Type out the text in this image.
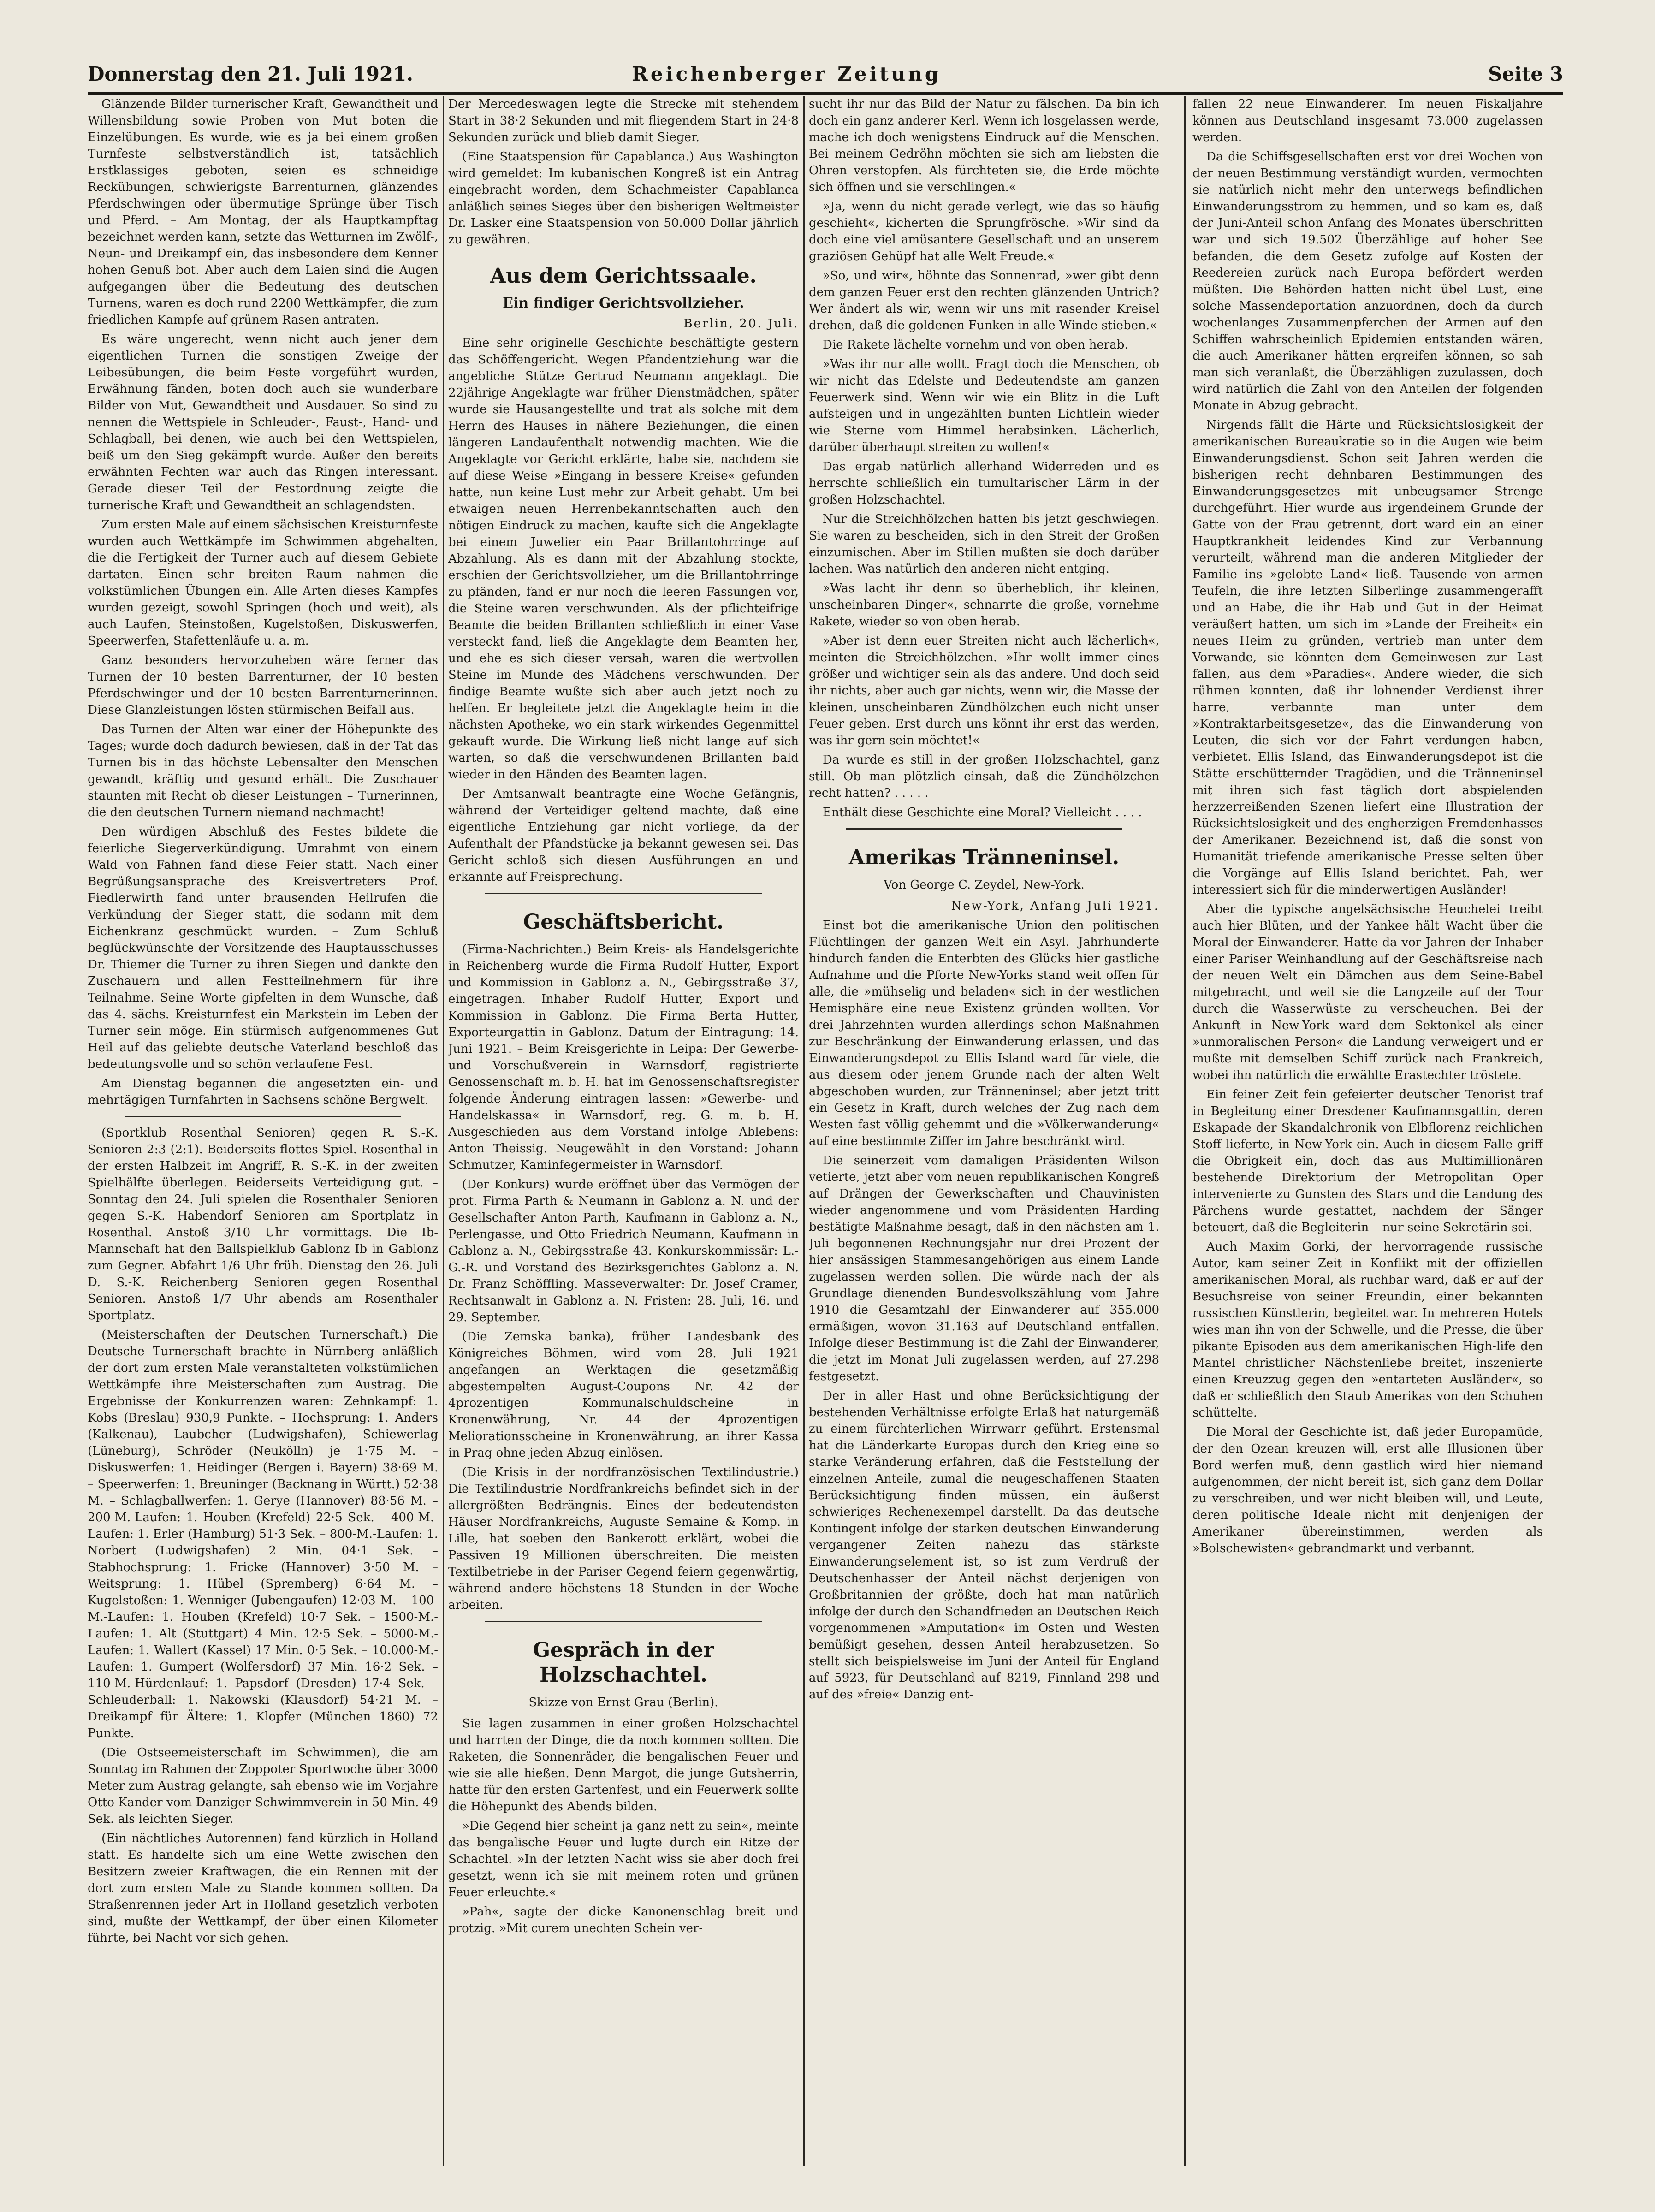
Donnerstag den 21. Juli 1921.	Reichenberger Zeitung	Seite 3

Glänzende Bilder turnerischer Kraft, Gewandtheit und Willensbildung sowie Proben von Mut boten die Einzelübungen. Es wurde, wie es ja bei einem großen Turnfeste selbstverständlich ist, tatsächlich Erstklassiges geboten, seien es schneidige Reckübungen, schwierigste Barrenturnen, glänzendes Pferdschwingen oder übermutige Sprünge über Tisch und Pferd. – Am Montag, der als Hauptkampftag bezeichnet werden kann, setzte das Wetturnen im Zwölf-, Neun- und Dreikampf ein, das insbesondere dem Kenner hohen Genuß bot. Aber auch dem Laien sind die Augen aufgegangen über die Bedeutung des deutschen Turnens, waren es doch rund 2200 Wettkämpfer, die zum friedlichen Kampfe auf grünem Rasen antraten.

Es wäre ungerecht, wenn nicht auch jener dem eigentlichen Turnen die sonstigen Zweige der Leibesübungen, die beim Feste vorgeführt wurden, Erwähnung fänden, boten doch auch sie wunderbare Bilder von Mut, Gewandtheit und Ausdauer. So sind zu nennen die Wettspiele in Schleuder-, Faust-, Hand- und Schlagball, bei denen, wie auch bei den Wettspielen, beiß um den Sieg gekämpft wurde. Außer den bereits erwähnten Fechten war auch das Ringen interessant. Gerade dieser Teil der Festordnung zeigte die turnerische Kraft und Gewandtheit an schlagendsten.

Zum ersten Male auf einem sächsischen Kreisturnfeste wurden auch Wettkämpfe im Schwimmen abgehalten, die die Fertigkeit der Turner auch auf diesem Gebiete dartaten. Einen sehr breiten Raum nahmen die volkstümlichen Übungen ein. Alle Arten dieses Kampfes wurden gezeigt, sowohl Springen (hoch und weit), als auch Laufen, Steinstoßen, Kugelstoßen, Diskuswerfen, Speerwerfen, Stafettenläufe u. a. m.

Ganz besonders hervorzuheben wäre ferner das Turnen der 10 besten Barrenturner, der 10 besten Pferdschwinger und der 10 besten Barrenturnerinnen. Diese Glanzleistungen lösten stürmischen Beifall aus.

Das Turnen der Alten war einer der Höhepunkte des Tages; wurde doch dadurch bewiesen, daß in der Tat das Turnen bis in das höchste Lebensalter den Menschen gewandt, kräftig und gesund erhält. Die Zuschauer staunten mit Recht ob dieser Leistungen – Turnerinnen, die den deutschen Turnern niemand nachmacht!

Den würdigen Abschluß des Festes bildete die feierliche Siegerverkündigung. Umrahmt von einem Wald von Fahnen fand diese Feier statt. Nach einer Begrüßungsansprache des Kreisvertreters Prof. Fiedlerwirth fand unter brausenden Heilrufen die Verkündung der Sieger statt, die sodann mit dem Eichenkranz geschmückt wurden. – Zum Schluß beglückwünschte der Vorsitzende des Hauptausschusses Dr. Thiemer die Turner zu ihren Siegen und dankte den Zuschauern und allen Festteilnehmern für ihre Teilnahme. Seine Worte gipfelten in dem Wunsche, daß das 4. sächs. Kreisturnfest ein Markstein im Leben der Turner sein möge. Ein stürmisch aufgenommenes Gut Heil auf das geliebte deutsche Vaterland beschloß das bedeutungsvolle und so schön verlaufene Fest.

Am Dienstag begannen die angesetzten ein- und mehrtägigen Turnfahrten in Sachsens schöne Bergwelt.

(Sportklub Rosenthal Senioren) gegen R. S.-K. Senioren 2:3 (2:1). Beiderseits flottes Spiel. Rosenthal in der ersten Halbzeit im Angriff, R. S.-K. in der zweiten Spielhälfte überlegen. Beiderseits Verteidigung gut. – Sonntag den 24. Juli spielen die Rosenthaler Senioren gegen S.-K. Habendorf Senioren am Sportplatz in Rosenthal. Anstoß 3/10 Uhr vormittags. Die Ib-Mannschaft hat den Ballspielklub Gablonz Ib in Gablonz zum Gegner. Abfahrt 1/6 Uhr früh. Dienstag den 26. Juli D. S.-K. Reichenberg Senioren gegen Rosenthal Senioren. Anstoß 1/7 Uhr abends am Rosenthaler Sportplatz.

(Meisterschaften der Deutschen Turnerschaft.) Die Deutsche Turnerschaft brachte in Nürnberg anläßlich der dort zum ersten Male veranstalteten volkstümlichen Wettkämpfe ihre Meisterschaften zum Austrag. Die Ergebnisse der Konkurrenzen waren: Zehnkampf: 1. Kobs (Breslau) 930,9 Punkte. – Hochsprung: 1. Anders (Kalkenau), Laubcher (Ludwigshafen), Schiewerlag (Lüneburg), Schröder (Neukölln) je 1·75 M. – Diskuswerfen: 1. Heidinger (Bergen i. Bayern) 38·69 M. – Speerwerfen: 1. Breuninger (Backnang in Württ.) 52·38 M. – Schlagballwerfen: 1. Gerye (Hannover) 88·56 M. – 200-M.-Laufen: 1. Houben (Krefeld) 22·5 Sek. – 400-M.-Laufen: 1. Erler (Hamburg) 51·3 Sek. – 800-M.-Laufen: 1. Norbert (Ludwigshafen) 2 Min. 04·1 Sek. – Stabhochsprung: 1. Fricke (Hannover) 3·50 M. – Weitsprung: 1. Hübel (Spremberg) 6·64 M. – Kugelstoßen: 1. Wenniger (Jubengaufen) 12·03 M. – 100-M.-Laufen: 1. Houben (Krefeld) 10·7 Sek. – 1500-M.-Laufen: 1. Alt (Stuttgart) 4 Min. 12·5 Sek. – 5000-M.-Laufen: 1. Wallert (Kassel) 17 Min. 0·5 Sek. – 10.000-M.-Laufen: 1. Gumpert (Wolfersdorf) 37 Min. 16·2 Sek. – 110-M.-Hürdenlauf: 1. Papsdorf (Dresden) 17·4 Sek. – Schleuderball: 1. Nakowski (Klausdorf) 54·21 M. – Dreikampf für Ältere: 1. Klopfer (München 1860) 72 Punkte.

(Die Ostseemeisterschaft im Schwimmen), die am Sonntag im Rahmen der Zoppoter Sportwoche über 3000 Meter zum Austrag gelangte, sah ebenso wie im Vorjahre Otto Kander vom Danziger Schwimmverein in 50 Min. 49 Sek. als leichten Sieger.

(Ein nächtliches Autorennen) fand kürzlich in Holland statt. Es handelte sich um eine Wette zwischen den Besitzern zweier Kraftwagen, die ein Rennen mit der dort zum ersten Male zu Stande kommen sollten. Da Straßenrennen jeder Art in Holland gesetzlich verboten sind, mußte der Wettkampf, der über einen Kilometer führte, bei Nacht vor sich gehen.

Der Mercedeswagen legte die Strecke mit stehendem Start in 38·2 Sekunden und mit fliegendem Start in 24·8 Sekunden zurück und blieb damit Sieger.

(Eine Staatspension für Capablanca.) Aus Washington wird gemeldet: Im kubanischen Kongreß ist ein Antrag eingebracht worden, dem Schachmeister Capablanca anläßlich seines Sieges über den bisherigen Weltmeister Dr. Lasker eine Staatspension von 50.000 Dollar jährlich zu gewähren.

Aus dem Gerichtssaale.
Ein findiger Gerichtsvollzieher.
Berlin, 20. Juli.

Eine sehr originelle Geschichte beschäftigte gestern das Schöffengericht. Wegen Pfandentziehung war die angebliche Stütze Gertrud Neumann angeklagt. Die 22jährige Angeklagte war früher Dienstmädchen, später wurde sie Hausangestellte und trat als solche mit dem Herrn des Hauses in nähere Beziehungen, die einen längeren Landaufenthalt notwendig machten. Wie die Angeklagte vor Gericht erklärte, habe sie, nachdem sie auf diese Weise »Eingang in bessere Kreise« gefunden hatte, nun keine Lust mehr zur Arbeit gehabt. Um bei etwaigen neuen Herrenbekanntschaften auch den nötigen Eindruck zu machen, kaufte sich die Angeklagte bei einem Juwelier ein Paar Brillantohrringe auf Abzahlung. Als es dann mit der Abzahlung stockte, erschien der Gerichtsvollzieher, um die Brillantohrringe zu pfänden, fand er nur noch die leeren Fassungen vor, die Steine waren verschwunden. Als der pflichteifrige Beamte die beiden Brillanten schließlich in einer Vase versteckt fand, ließ die Angeklagte dem Beamten her, und ehe es sich dieser versah, waren die wertvollen Steine im Munde des Mädchens verschwunden. Der findige Beamte wußte sich aber auch jetzt noch zu helfen. Er begleitete jetzt die Angeklagte heim in die nächsten Apotheke, wo ein stark wirkendes Gegenmittel gekauft wurde. Die Wirkung ließ nicht lange auf sich warten, so daß die verschwundenen Brillanten bald wieder in den Händen des Beamten lagen.

Der Amtsanwalt beantragte eine Woche Gefängnis, während der Verteidiger geltend machte, daß eine eigentliche Entziehung gar nicht vorliege, da der Aufenthalt der Pfandstücke ja bekannt gewesen sei. Das Gericht schloß sich diesen Ausführungen an und erkannte auf Freisprechung.

Geschäftsbericht.

(Firma-Nachrichten.) Beim Kreis- als Handelsgerichte in Reichenberg wurde die Firma Rudolf Hutter, Export und Kommission in Gablonz a. N., Gebirgsstraße 37, eingetragen. Inhaber Rudolf Hutter, Export und Kommission in Gablonz. Die Firma Berta Hutter, Exporteurgattin in Gablonz. Datum der Eintragung: 14. Juni 1921. – Beim Kreisgerichte in Leipa: Der Gewerbe- und Vorschußverein in Warnsdorf, registrierte Genossenschaft m. b. H. hat im Genossenschaftsregister folgende Änderung eintragen lassen: »Gewerbe- und Handelskassa« in Warnsdorf, reg. G. m. b. H. Ausgeschieden aus dem Vorstand infolge Ablebens: Anton Theissig. Neugewählt in den Vorstand: Johann Schmutzer, Kaminfegermeister in Warnsdorf.

(Der Konkurs) wurde eröffnet über das Vermögen der prot. Firma Parth & Neumann in Gablonz a. N. und der Gesellschafter Anton Parth, Kaufmann in Gablonz a. N., Perlengasse, und Otto Friedrich Neumann, Kaufmann in Gablonz a. N., Gebirgsstraße 43. Konkurskommissär: L.-G.-R. und Vorstand des Bezirksgerichtes Gablonz a. N. Dr. Franz Schöffling. Masseverwalter: Dr. Josef Cramer, Rechtsanwalt in Gablonz a. N. Fristen: 28. Juli, 16. und 29. September.

(Die Zemska banka), früher Landesbank des Königreiches Böhmen, wird vom 28. Juli 1921 angefangen an Werktagen die gesetzmäßig abgestempelten August-Coupons Nr. 42 der 4prozentigen Kommunalschuldscheine in Kronenwährung, Nr. 44 der 4prozentigen Meliorationsscheine in Kronenwährung, an ihrer Kassa in Prag ohne jeden Abzug einlösen.

(Die Krisis in der nordfranzösischen Textilindustrie.) Die Textilindustrie Nordfrankreichs befindet sich in der allergrößten Bedrängnis. Eines der bedeutendsten Häuser Nordfrankreichs, Auguste Semaine & Komp. in Lille, hat soeben den Bankerott erklärt, wobei die Passiven 19 Millionen überschreiten. Die meisten Textilbetriebe in der Pariser Gegend feiern gegenwärtig, während andere höchstens 18 Stunden in der Woche arbeiten.

Gespräch in der Holzschachtel.
Skizze von Ernst Grau (Berlin).

Sie lagen zusammen in einer großen Holzschachtel und harrten der Dinge, die da noch kommen sollten. Die Raketen, die Sonnenräder, die bengalischen Feuer und wie sie alle hießen. Denn Margot, die junge Gutsherrin, hatte für den ersten Gartenfest, und ein Feuerwerk sollte die Höhepunkt des Abends bilden.

»Die Gegend hier scheint ja ganz nett zu sein«, meinte das bengalische Feuer und lugte durch ein Ritze der Schachtel. »In der letzten Nacht wiss sie aber doch frei gesetzt, wenn ich sie mit meinem roten und grünen Feuer erleuchte.«

»Pah«, sagte der dicke Kanonenschlag breit und protzig. »Mit curem unechten Schein ver-

sucht ihr nur das Bild der Natur zu fälschen. Da bin ich doch ein ganz anderer Kerl. Wenn ich losgelassen werde, mache ich doch wenigstens Eindruck auf die Menschen. Bei meinem Gedröhn möchten sie sich am liebsten die Ohren verstopfen. Als fürchteten sie, die Erde möchte sich öffnen und sie verschlingen.«

»Ja, wenn du nicht gerade verlegt, wie das so häufig geschieht«, kicherten die Sprungfrösche. »Wir sind da doch eine viel amüsantere Gesellschaft und an unserem graziösen Gehüpf hat alle Welt Freude.«

»So, und wir«, höhnte das Sonnenrad, »wer gibt denn dem ganzen Feuer erst den rechten glänzenden Untrich? Wer ändert als wir, wenn wir uns mit rasender Kreisel drehen, daß die goldenen Funken in alle Winde stieben.«

Die Rakete lächelte vornehm und von oben herab.

»Was ihr nur alle wollt. Fragt doch die Menschen, ob wir nicht das Edelste und Bedeutendste am ganzen Feuerwerk sind. Wenn wir wie ein Blitz in die Luft aufsteigen und in ungezählten bunten Lichtlein wieder wie Sterne vom Himmel herabsinken. Lächerlich, darüber überhaupt streiten zu wollen!«

Das ergab natürlich allerhand Widerreden und es herrschte schließlich ein tumultarischer Lärm in der großen Holzschachtel.

Nur die Streichhölzchen hatten bis jetzt geschwiegen. Sie waren zu bescheiden, sich in den Streit der Großen einzumischen. Aber im Stillen mußten sie doch darüber lachen. Was natürlich den anderen nicht entging.

»Was lacht ihr denn so überheblich, ihr kleinen, unscheinbaren Dinger«, schnarrte die große, vornehme Rakete, wieder so von oben herab.

»Aber ist denn euer Streiten nicht auch lächerlich«, meinten die Streichhölzchen. »Ihr wollt immer eines größer und wichtiger sein als das andere. Und doch seid ihr nichts, aber auch gar nichts, wenn wir, die Masse der kleinen, unscheinbaren Zündhölzchen euch nicht unser Feuer geben. Erst durch uns könnt ihr erst das werden, was ihr gern sein möchtet!«

Da wurde es still in der großen Holzschachtel, ganz still. Ob man plötzlich einsah, daß die Zündhölzchen recht hatten? . . . . .

Enthält diese Geschichte eine Moral? Vielleicht . . . .

Amerikas Tränneninsel.
Von George C. Zeydel, New-York.
New-York, Anfang Juli 1921.

Einst bot die amerikanische Union den politischen Flüchtlingen der ganzen Welt ein Asyl. Jahrhunderte hindurch fanden die Enterbten des Glücks hier gastliche Aufnahme und die Pforte New-Yorks stand weit offen für alle, die »mühselig und beladen« sich in der westlichen Hemisphäre eine neue Existenz gründen wollten. Vor drei Jahrzehnten wurden allerdings schon Maßnahmen zur Beschränkung der Einwanderung erlassen, und das Einwanderungsdepot zu Ellis Island ward für viele, die aus diesem oder jenem Grunde nach der alten Welt abgeschoben wurden, zur Tränneninsel; aber jetzt tritt ein Gesetz in Kraft, durch welches der Zug nach dem Westen fast völlig gehemmt und die »Völkerwanderung« auf eine bestimmte Ziffer im Jahre beschränkt wird.

Die seinerzeit vom damaligen Präsidenten Wilson vetierte, jetzt aber vom neuen republikanischen Kongreß auf Drängen der Gewerkschaften und Chauvinisten wieder angenommene und vom Präsidenten Harding bestätigte Maßnahme besagt, daß in den nächsten am 1. Juli begonnenen Rechnungsjahr nur drei Prozent der hier ansässigen Stammesangehörigen aus einem Lande zugelassen werden sollen. Die würde nach der als Grundlage dienenden Bundesvolkszählung vom Jahre 1910 die Gesamtzahl der Einwanderer auf 355.000 ermäßigen, wovon 31.163 auf Deutschland entfallen. Infolge dieser Bestimmung ist die Zahl der Einwanderer, die jetzt im Monat Juli zugelassen werden, auf 27.298 festgesetzt.

Der in aller Hast und ohne Berücksichtigung der bestehenden Verhältnisse erfolgte Erlaß hat naturgemäß zu einem fürchterlichen Wirrwarr geführt. Erstensmal hat die Länderkarte Europas durch den Krieg eine so starke Veränderung erfahren, daß die Feststellung der einzelnen Anteile, zumal die neugeschaffenen Staaten Berücksichtigung finden müssen, ein äußerst schwieriges Rechenexempel darstellt. Da das deutsche Kontingent infolge der starken deutschen Einwanderung vergangener Zeiten nahezu das stärkste Einwanderungselement ist, so ist zum Verdruß der Deutschenhasser der Anteil nächst derjenigen von Großbritannien der größte, doch hat man natürlich infolge der durch den Schandfrieden an Deutschen Reich vorgenommenen »Amputation« im Osten und Westen bemüßigt gesehen, dessen Anteil herabzusetzen. So stellt sich beispielsweise im Juni der Anteil für England auf 5923, für Deutschland auf 8219, Finnland 298 und auf des »freie« Danzig ent-

fallen 22 neue Einwanderer. Im neuen Fiskaljahre können aus Deutschland insgesamt 73.000 zugelassen werden.

Da die Schiffsgesellschaften erst vor drei Wochen von der neuen Bestimmung verständigt wurden, vermochten sie natürlich nicht mehr den unterwegs befindlichen Einwanderungsstrom zu hemmen, und so kam es, daß der Juni-Anteil schon Anfang des Monates überschritten war und sich 19.502 Überzählige auf hoher See befanden, die dem Gesetz zufolge auf Kosten der Reedereien zurück nach Europa befördert werden müßten. Die Behörden hatten nicht übel Lust, eine solche Massendeportation anzuordnen, doch da durch wochenlanges Zusammenpferchen der Armen auf den Schiffen wahrscheinlich Epidemien entstanden wären, die auch Amerikaner hätten ergreifen können, so sah man sich veranlaßt, die Überzähligen zuzulassen, doch wird natürlich die Zahl von den Anteilen der folgenden Monate in Abzug gebracht.

Nirgends fällt die Härte und Rücksichtslosigkeit der amerikanischen Bureaukratie so in die Augen wie beim Einwanderungsdienst. Schon seit Jahren werden die bisherigen recht dehnbaren Bestimmungen des Einwanderungsgesetzes mit unbeugsamer Strenge durchgeführt. Hier wurde aus irgendeinem Grunde der Gatte von der Frau getrennt, dort ward ein an einer Hauptkrankheit leidendes Kind zur Verbannung verurteilt, während man die anderen Mitglieder der Familie ins »gelobte Land« ließ. Tausende von armen Teufeln, die ihre letzten Silberlinge zusammengerafft und an Habe, die ihr Hab und Gut in der Heimat veräußert hatten, um sich im »Lande der Freiheit« ein neues Heim zu gründen, vertrieb man unter dem Vorwande, sie könnten dem Gemeinwesen zur Last fallen, aus dem »Paradies«. Andere wieder, die sich rühmen konnten, daß ihr lohnender Verdienst ihrer harre, verbannte man unter dem »Kontraktarbeitsgesetze«, das die Einwanderung von Leuten, die sich vor der Fahrt verdungen haben, verbietet. Ellis Island, das Einwanderungsdepot ist die Stätte erschütternder Tragödien, und die Tränneninsel mit ihren sich fast täglich dort abspielenden herzzerreißenden Szenen liefert eine Illustration der Rücksichtslosigkeit und des engherzigen Fremdenhasses der Amerikaner. Bezeichnend ist, daß die sonst von Humanität triefende amerikanische Presse selten über die Vorgänge auf Ellis Island berichtet. Pah, wer interessiert sich für die minderwertigen Ausländer!

Aber die typische angelsächsische Heuchelei treibt auch hier Blüten, und der Yankee hält Wacht über die Moral der Einwanderer. Hatte da vor Jahren der Inhaber einer Pariser Weinhandlung auf der Geschäftsreise nach der neuen Welt ein Dämchen aus dem Seine-Babel mitgebracht, und weil sie die Langzeile auf der Tour durch die Wasserwüste zu verscheuchen. Bei der Ankunft in New-York ward dem Sektonkel als einer »unmoralischen Person« die Landung verweigert und er mußte mit demselben Schiff zurück nach Frankreich, wobei ihn natürlich die erwählte Erastechter tröstete.

Ein feiner Zeit fein gefeierter deutscher Tenorist traf in Begleitung einer Dresdener Kaufmannsgattin, deren Eskapade der Skandalchronik von Elbflorenz reichlichen Stoff lieferte, in New-York ein. Auch in diesem Falle griff die Obrigkeit ein, doch das aus Multimillionären bestehende Direktorium der Metropolitan Oper intervenierte zu Gunsten des Stars und die Landung des Pärchens wurde gestattet, nachdem der Sänger beteuert, daß die Begleiterin – nur seine Sekretärin sei.

Auch Maxim Gorki, der hervorragende russische Autor, kam seiner Zeit in Konflikt mit der offiziellen amerikanischen Moral, als ruchbar ward, daß er auf der Besuchsreise von seiner Freundin, einer bekannten russischen Künstlerin, begleitet war. In mehreren Hotels wies man ihn von der Schwelle, und die Presse, die über pikante Episoden aus dem amerikanischen High-life den Mantel christlicher Nächstenliebe breitet, inszenierte einen Kreuzzug gegen den »entarteten Ausländer«, so daß er schließlich den Staub Amerikas von den Schuhen schüttelte.

Die Moral der Geschichte ist, daß jeder Europamüde, der den Ozean kreuzen will, erst alle Illusionen über Bord werfen muß, denn gastlich wird hier niemand aufgenommen, der nicht bereit ist, sich ganz dem Dollar zu verschreiben, und wer nicht bleiben will, und Leute, deren politische Ideale nicht mit denjenigen der Amerikaner übereinstimmen, werden als »Bolschewisten« gebrandmarkt und verbannt.
